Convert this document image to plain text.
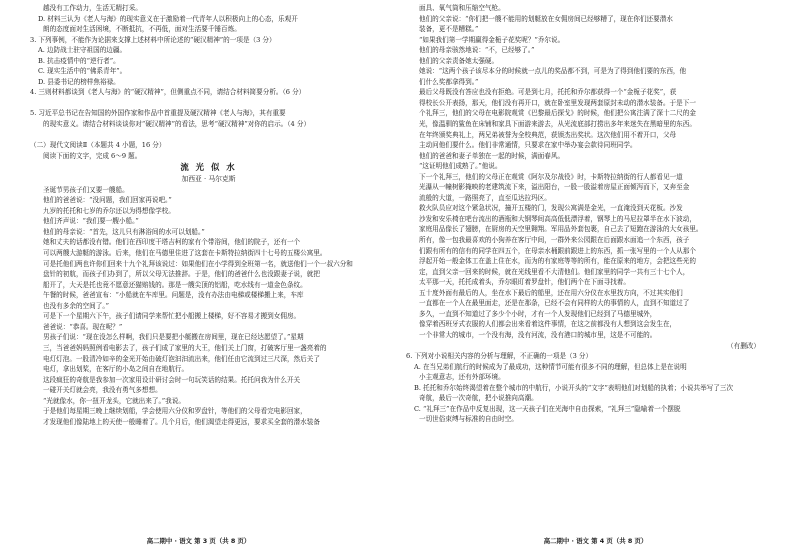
越没有工作动力，生活无精打采。
D. 材料三认为《老人与海》的现实意义在于激励着一代青年人以积极向上的心态，乐观开
朗的态度面对生活困境，不断抵抗，不再低，面对生活要千锤百炼。
3. 下列事例，不能作为论据来支撑上述材料中所论述的“硬汉精神”的一项是（3 分）
A. 边防战士驻守祖国的边疆。
B. 抗击疫情中的“逆行者”。
C. 现实生活中的“佛系青年”。
D. 县委书记的榜样焦裕禄。
4. 三则材料都谈到《老人与海》的“硬汉精神”，但侧重点不同，请结合材料简要分析。（6 分）

5. 习近平总书记在告知国的外国作家和作品中首重提及硬汉精神《老人与海》，其有重要
的现实意义。请结合材料谈谈你对“硬汉精神”的看法，思考“硬汉精神”对你的启示。（4 分）

（二）现代文阅读Ⅱ（本题共 4 小题，16 分）
阅读下面的文字，完成 6～9 题。
流 光 似 水
加西亚 · 马尔克斯
圣诞节男孩子们又要一艘船。
他们的爸爸说：“没问题，我们回家再说吧。”
九岁的托托和七岁的乔尔还以为得想像学校。
他们齐声说：“我们要一艘小船。”
他们的母亲说：“首先，这儿只有淋浴间的水可以划船。”
她和丈夫的话都没有错。他们在西印度干塔吉柯的家有个带浴间，他们的院子，还有一个
可以两艘大游艇的游泳。后来，他们在马德里住进了这套在卡斯特拉纳街四十七号的五楼公寓里。
可是托他们两也许你们回来十九个礼拜该说过：如果他们在小学得到全班第一名，就送他们一个一叔六分和
盘针的初航，而孩子们办到了，所以父母无法推辞。于是，他们的爸爸什么也没跟妻子说，就把
船开了，大天是托也竟不愿意还猫赔钱的。那是一艘尖顶的铝船，吃水线有一道金色条纹。
午餐的时候，爸爸宣布：“小船就在车库里。问题是，没有办法由电梯或楼梯搬上来，车库
也没有多余的空间了。”
可是下一个星期六下午，孩子们请同学来帮忙把小船搬上楼梯，好不容易才搬到女佣房。
爸爸说：“恭喜。现在呢？”
男孩子们说：“现在没怎么样啊，我们只是要把小艇搬在房间里，现在已经达愿望了。”星期
三，当爸爸妈妈照例看电影去了，孩子们成了家里的大王，他们关上门窗，打破客厅里一盏亮着的
电灯灯泡。一股清冷如辛的金光开始由破灯泡汩汩流出来，他们任由它流到过三尺深，然后关了
电灯，拿出划桨，在客厅的小岛之间自在地航行。
这段疯狂的奇航是我参加一次家用设计研讨会时一句玩笑话的结果。托托问我为什么开关
一碰开关灯就会亮，我没有勇气多想想。
“光就像水，你一扭开龙头，它就出来了。”我说。
于是他们每星期三晚上继续划船，学会使用六分仪和罗盘针，等他们的父母看完电影回家，
才发现他们像陆地上的天使一般睡着了。几个月后，他们渴望走得更远，要求买全套的潜水装备
高二期中 · 语文 第 3 页（共 8 页）
面具、氧气筒和压缩空气枪。
他们的父亲说：“你们把一艘不能用的划艇放在女佣房间已经够糟了，现在你们还要潜水
装备，更不是糟糕。”
“如果我们第一学期赢得金栀子花奖呢？”乔尔说。
他们的母亲骇然地说：“不，已经够了。”
他们的父亲责备她太强硬。
她说：“这两个孩子该尽本分的时候就一点儿的奖品都不到，可是为了得到他们要的东西，他
们什么奖都拿得到。”
最后父母既没有答应也没有拒绝。可是到七月，托托和乔尔都获得一个“金栀子花奖”，获
得校长公开表扬，那天，他们没有再开口，就在卧室里发现两套原封未动的潜水装备。于是下一
个礼拜三，他们的父母在电影院观赏《巴黎最后探戈》的时候，他们把公寓注满了深十二尺的金
光，像温驯的鲨鱼在床铺和家具下面游来游去，从光流底部打捞出多年来迷失在黑暗里的东西。
在年终颁奖典礼上，两兄弟被誉为全校典范，获颁杰出奖状。这次他们用不着开口，父母
主动问他们要什么。他们非常通情，只要求在家中举办宴会款待同班同学。
他们的爸爸和妻子单独在一起的时候，满面春风。
“这证明他们成熟了。”他说。
下一个礼拜三，他们的父母正在观赏《阿尔及尔战役》时，卡斯特拉纳街的行人都看见一道
光瀑从一幢树影掩映的老建筑流下来，溢出阳台，一股一股溢着房屋正面倾泻而下，又奔至金
流般的大道，一路照亮了，直至瓜达拉玛区。
救火队员应对这个紧急状况，撞开五楼的门，发现公寓满是金光，一直淹没到天花板。沙发
沙发和安乐椅在吧台流出的酒瓶和大钢琴间高高低低漂浮着，钢琴上的马尼拉罩半在水下波动，
家庭用品像长了翅膀，在厨房的天空里翱翔。军用品外套包裹，自己去了短跑在游泳的大女孩里。
所有，像一包我最喜欢的小狗养在客厅中间，一群外来公园跟在后面跟水面追一个东西，孩子
们跟有所有的信有的同学在四五个，在母亲水桶跟前跟进上的东西，抓一张写里的一个人从那个
浮起开始一般金体工在盖上住在水，而为的有家庭等等的所有，能在原来的地方，会把这些光的
定，直到父亲一回来的时候，就在光线里看不大清他们。他们家里的同学一共有三十七个人，
太平那一天，托托成着头，乔尔眼盯着罗盘针，他们两个在下面寻找着。
五十度外面有最后的人，坐在水下最后的船里，还在用六分仪在水里找方向，不过其实他们
一直都在一个人在最里面走，还是在那条，已经不会有同样的大的事情的人，直到不知道过了
多久，一直到不知道过了多少个小时，才有一个人发现他们已经到了马德里城外，
像穿着西班牙式衣服的人们都会出来看着这件事情，在这之前都没有人想到这会发生在，
一个非常大的城市，一个没有海，没有河流，没有港口的城市里，这是不可能的。
（有删改）
6. 下列对小说相关内容的分析与理解，不正确的一项是（3 分）
A. 在当兄弟们航行的时候成为了最成功，这种情节可能有很多不同的理解，但总体上是在说明
小主观意志，还有外部环境。
B. 托托和乔尔始终渴望着在整个城市的中航行，小说开头的“文字”表明他们对划船的执着；小说共举写了三次
奇航，最后一次奇航，把小说推向高潮。
C. “礼拜三”在作品中反复出现，这一天孩子们在光海中自由探索，“礼拜三”隐喻着一个摆脱
一切世俗束缚与标准的自由时空。
高二期中 · 语文 第 4 页（共 8 页）
